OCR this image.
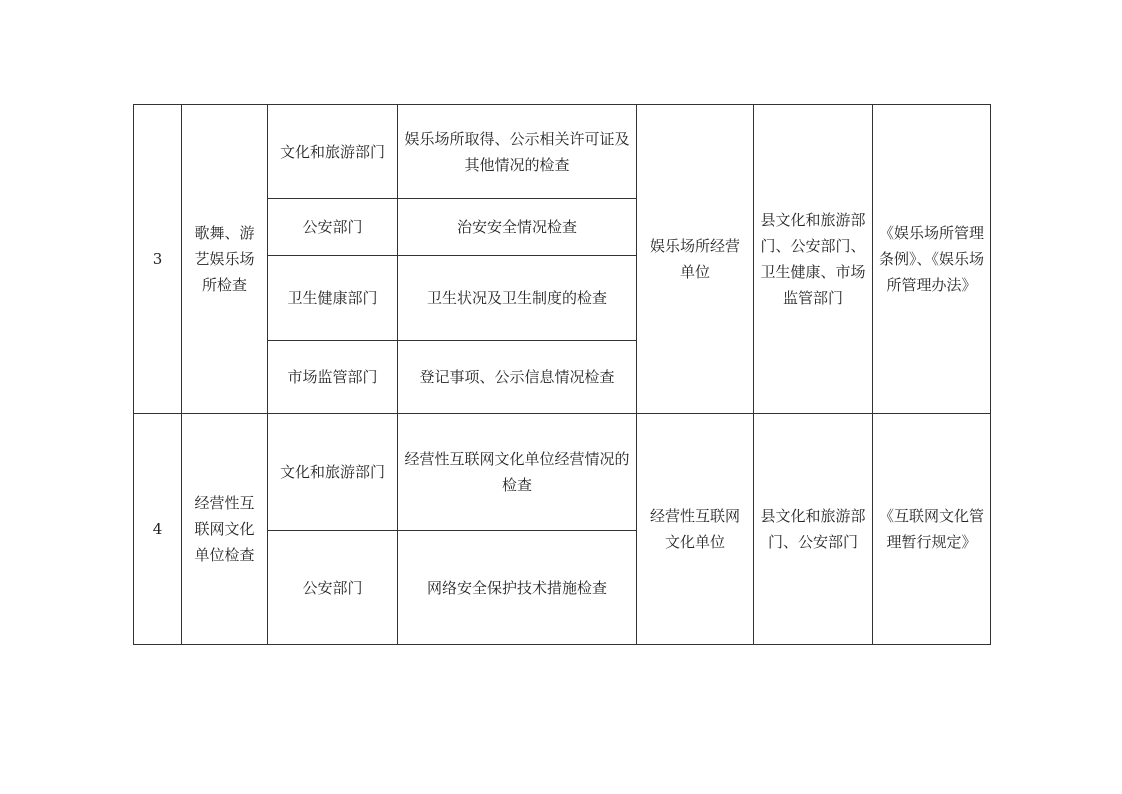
3	歌舞、游艺娱乐场所检查	文化和旅游部门	娱乐场所取得、公示相关许可证及其他情况的检查	娱乐场所经营单位	县文化和旅游部门、公安部门、卫生健康、市场监管部门	《娱乐场所管理条例》、《娱乐场所管理办法》
		公安部门	治安安全情况检查			
		卫生健康部门	卫生状况及卫生制度的检查			
		市场监管部门	登记事项、公示信息情况检查			
4	经营性互联网文化单位检查	文化和旅游部门	经营性互联网文化单位经营情况的检查	经营性互联网文化单位	县文化和旅游部门、公安部门	《互联网文化管理暂行规定》
		公安部门	网络安全保护技术措施检查			
